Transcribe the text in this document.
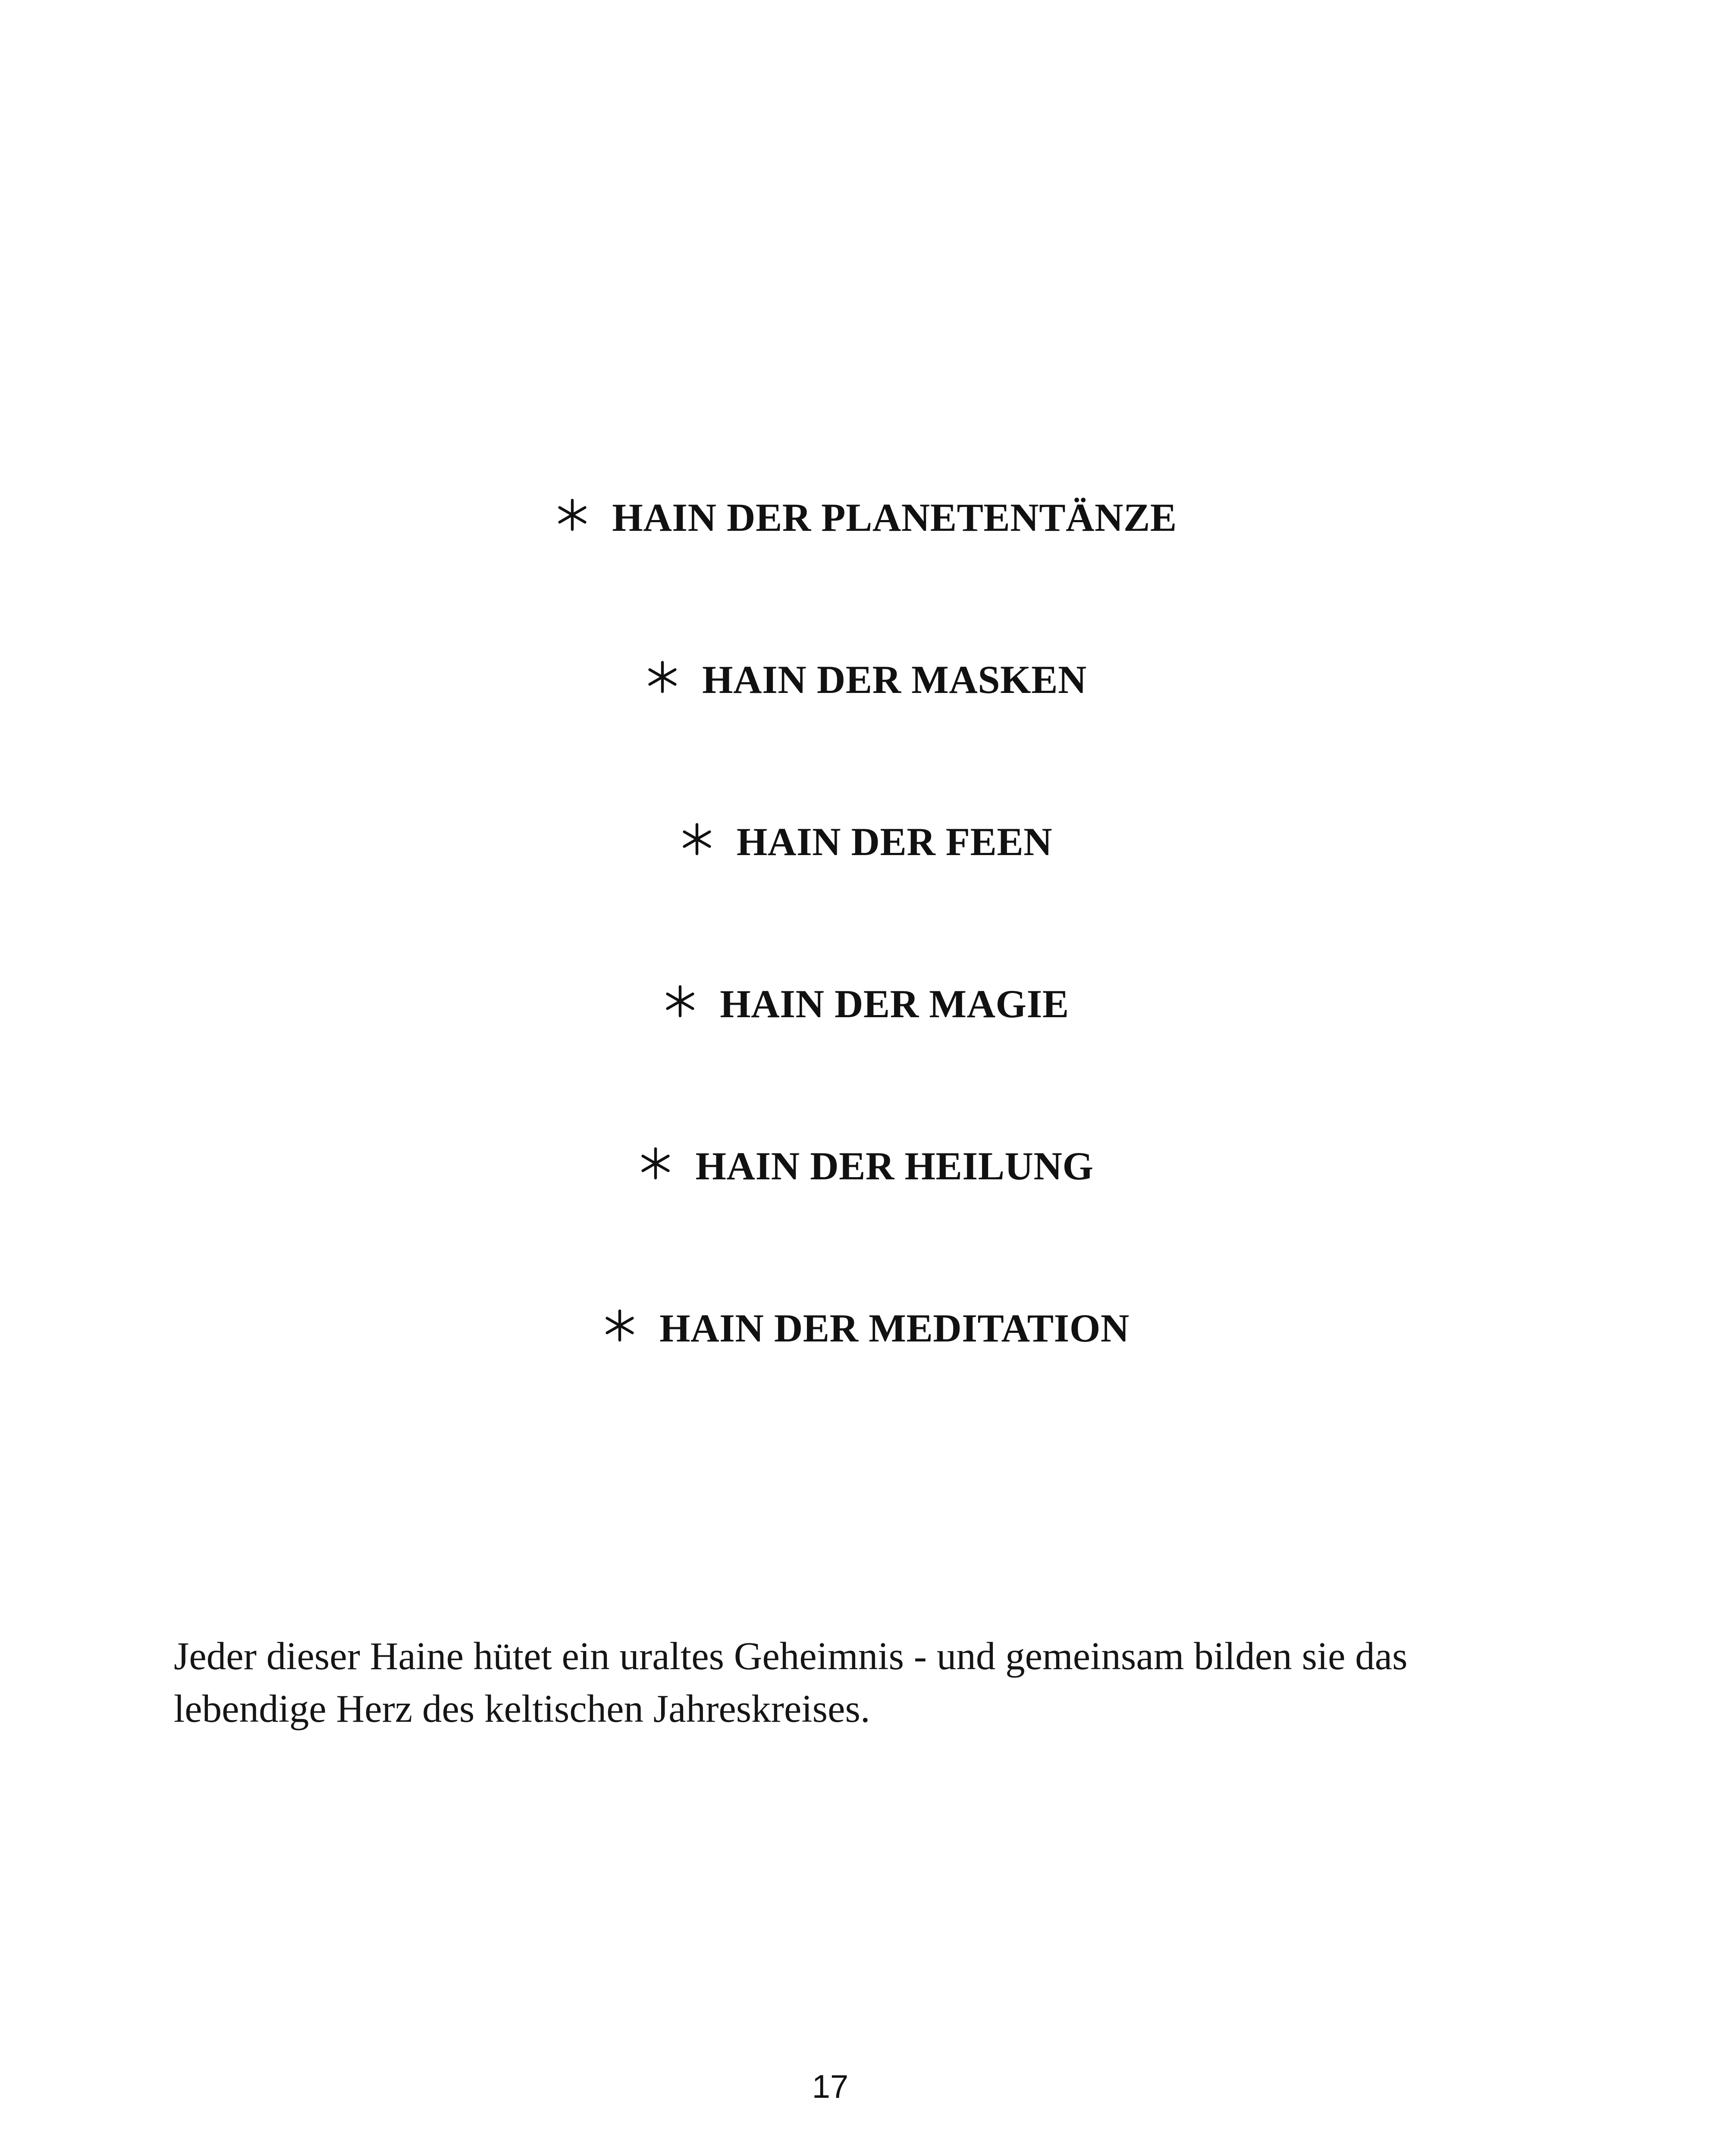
HAIN DER PLANETENTÄNZE
HAIN DER MASKEN
HAIN DER FEEN
HAIN DER MAGIE
HAIN DER HEILUNG
HAIN DER MEDITATION

Jeder dieser Haine hütet ein uraltes Geheimnis - und gemeinsam bilden sie das
lebendige Herz des keltischen Jahreskreises.

17
